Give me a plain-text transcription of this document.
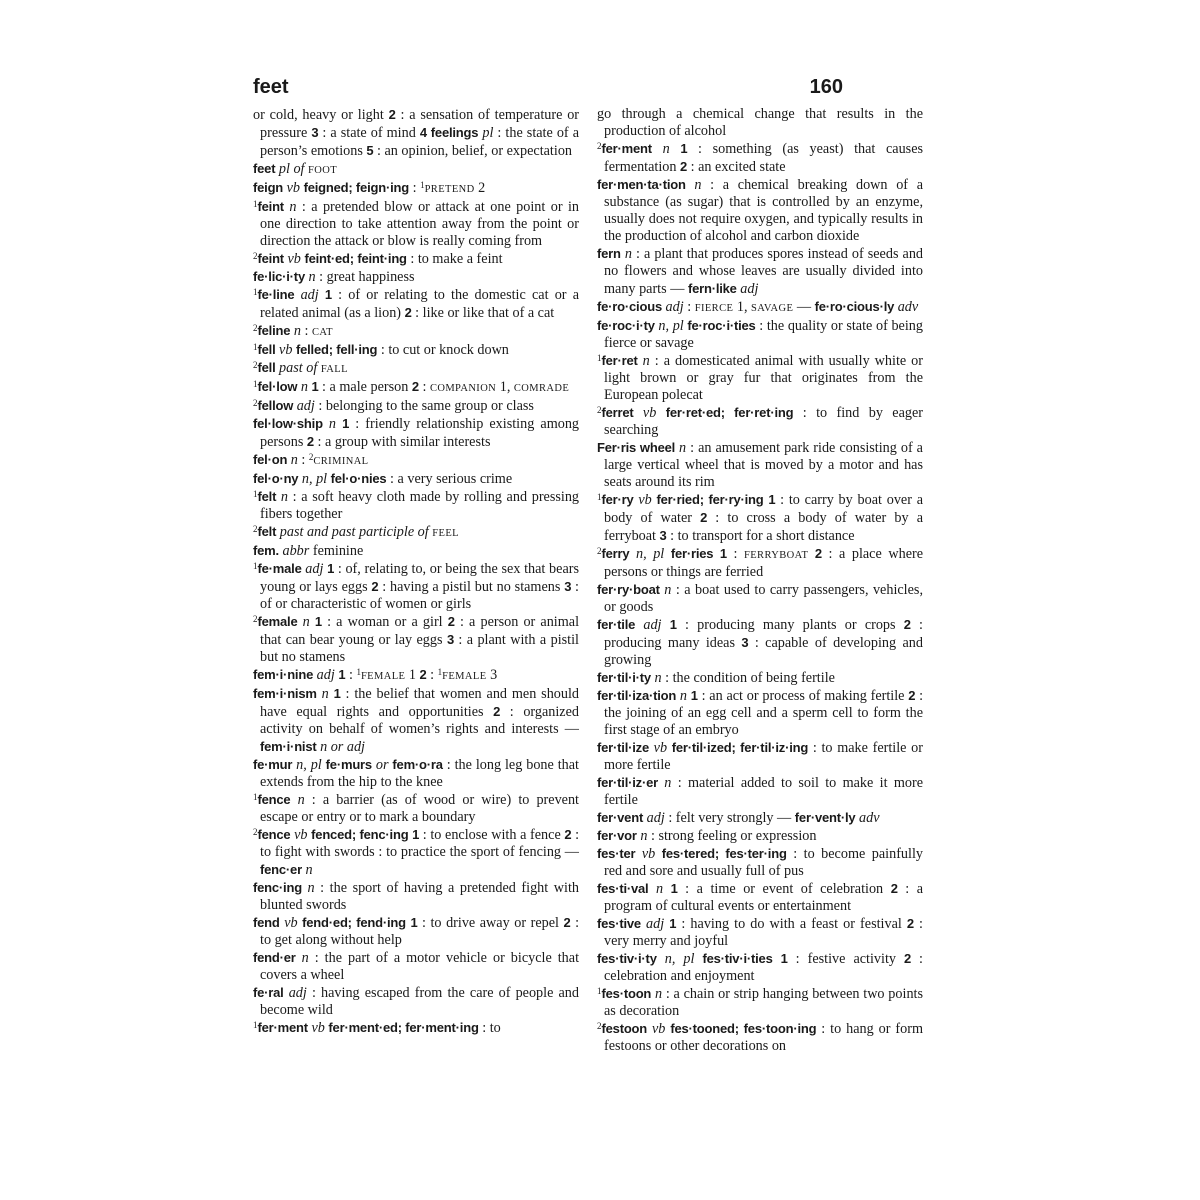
feet	160

or cold, heavy or light 2 : a sensation of temperature or pressure 3 : a state of mind 4 feelings pl : the state of a person’s emotions 5 : an opinion, belief, or expectation

feet pl of FOOT

feign vb feigned; feign·ing : $^1$PRETEND 2

$^1$feint n : a pretended blow or attack at one point or in one direction to take attention away from the point or direction the attack or blow is really coming from

$^2$feint vb feint·ed; feint·ing : to make a feint

fe·lic·i·ty n : great happiness

$^1$fe·line adj 1 : of or relating to the domestic cat or a related animal (as a lion) 2 : like or like that of a cat

$^2$feline n : CAT

$^1$fell vb felled; fell·ing : to cut or knock down

$^2$fell past of FALL

$^1$fel·low n 1 : a male person 2 : COMPANION 1, COMRADE

$^2$fellow adj : belonging to the same group or class

fel·low·ship n 1 : friendly relationship existing among persons 2 : a group with similar interests

fel·on n : $^2$CRIMINAL

fel·o·ny n, pl fel·o·nies : a very serious crime

$^1$felt n : a soft heavy cloth made by rolling and pressing fibers together

$^2$felt past and past participle of FEEL

fem. abbr feminine

$^1$fe·male adj 1 : of, relating to, or being the sex that bears young or lays eggs 2 : having a pistil but no stamens 3 : of or characteristic of women or girls

$^2$female n 1 : a woman or a girl 2 : a person or animal that can bear young or lay eggs 3 : a plant with a pistil but no stamens

fem·i·nine adj 1 : $^1$FEMALE 1 2 : $^1$FEMALE 3

fem·i·nism n 1 : the belief that women and men should have equal rights and opportunities 2 : organized activity on behalf of women’s rights and interests — fem·i·nist n or adj

fe·mur n, pl fe·murs or fem·o·ra : the long leg bone that extends from the hip to the knee

$^1$fence n : a barrier (as of wood or wire) to prevent escape or entry or to mark a boundary

$^2$fence vb fenced; fenc·ing 1 : to enclose with a fence 2 : to fight with swords : to practice the sport of fencing — fenc·er n

fenc·ing n : the sport of having a pretended fight with blunted swords

fend vb fend·ed; fend·ing 1 : to drive away or repel 2 : to get along without help

fend·er n : the part of a motor vehicle or bicycle that covers a wheel

fe·ral adj : having escaped from the care of people and become wild

$^1$fer·ment vb fer·ment·ed; fer·ment·ing : to

go through a chemical change that results in the production of alcohol

$^2$fer·ment n 1 : something (as yeast) that causes fermentation 2 : an excited state

fer·men·ta·tion n : a chemical breaking down of a substance (as sugar) that is controlled by an enzyme, usually does not require oxygen, and typically results in the production of alcohol and carbon dioxide

fern n : a plant that produces spores instead of seeds and no flowers and whose leaves are usually divided into many parts — fern·like adj

fe·ro·cious adj : FIERCE 1, SAVAGE — fe·ro·cious·ly adv

fe·roc·i·ty n, pl fe·roc·i·ties : the quality or state of being fierce or savage

$^1$fer·ret n : a domesticated animal with usually white or light brown or gray fur that originates from the European polecat

$^2$ferret vb fer·ret·ed; fer·ret·ing : to find by eager searching

Fer·ris wheel n : an amusement park ride consisting of a large vertical wheel that is moved by a motor and has seats around its rim

$^1$fer·ry vb fer·ried; fer·ry·ing 1 : to carry by boat over a body of water 2 : to cross a body of water by a ferryboat 3 : to transport for a short distance

$^2$ferry n, pl fer·ries 1 : FERRYBOAT 2 : a place where persons or things are ferried

fer·ry·boat n : a boat used to carry passengers, vehicles, or goods

fer·tile adj 1 : producing many plants or crops 2 : producing many ideas 3 : capable of developing and growing

fer·til·i·ty n : the condition of being fertile

fer·til·iza·tion n 1 : an act or process of making fertile 2 : the joining of an egg cell and a sperm cell to form the first stage of an embryo

fer·til·ize vb fer·til·ized; fer·til·iz·ing : to make fertile or more fertile

fer·til·iz·er n : material added to soil to make it more fertile

fer·vent adj : felt very strongly — fer·vent·ly adv

fer·vor n : strong feeling or expression

fes·ter vb fes·tered; fes·ter·ing : to become painfully red and sore and usually full of pus

fes·ti·val n 1 : a time or event of celebration 2 : a program of cultural events or entertainment

fes·tive adj 1 : having to do with a feast or festival 2 : very merry and joyful

fes·tiv·i·ty n, pl fes·tiv·i·ties 1 : festive activity 2 : celebration and enjoyment

$^1$fes·toon n : a chain or strip hanging between two points as decoration

$^2$festoon vb fes·tooned; fes·toon·ing : to hang or form festoons or other decorations on
